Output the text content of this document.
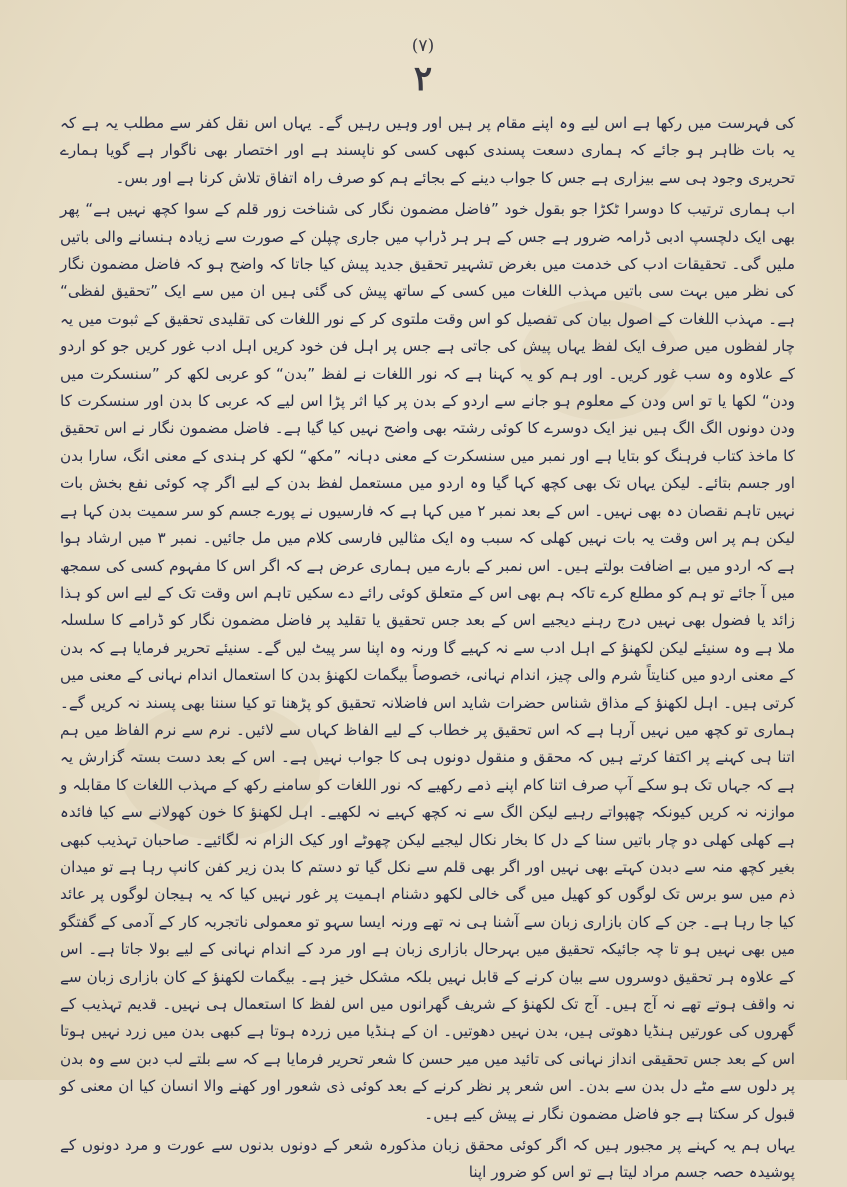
(٧)
٢

کی فہرست میں رکھا ہے اس لیے وہ اپنے مقام پر ہیں اور وہیں رہیں گے۔ یہاں اس نقل کفر سے مطلب یہ ہے کہ یہ بات ظاہر ہو جائے کہ ہماری دسعت پسندی کبھی کسی کو ناپسند ہے اور اختصار بھی ناگوار ہے گویا ہمارے تحریری وجود ہی سے بیزاری ہے جس کا جواب دینے کے بجائے ہم کو صرف راہ اتفاق تلاش کرنا ہے اور بس۔

اب ہماری ترتیب کا دوسرا ٹکڑا جو بقول خود ”فاضل مضمون نگار کی شناخت زور قلم کے سوا کچھ نہیں ہے“ پھر بھی ایک دلچسپ ادبی ڈرامہ ضرور ہے جس کے ہر ہر ڈراپ میں جاری چپلن کے صورت سے زیادہ ہنسانے والی باتیں ملیں گی۔ تحقیقات ادب کی خدمت میں بغرض تشہیر تحقیق جدید پیش کیا جاتا کہ واضح ہو کہ فاضل مضمون نگار کی نظر میں بہت سی باتیں مہذب اللغات میں کسی کے ساتھ پیش کی گئی ہیں ان میں سے ایک ”تحقیق لفظی“ ہے۔ مہذب اللغات کے اصول بیان کی تفصیل کو اس وقت ملتوی کر کے نور اللغات کی تقلیدی تحقیق کے ثبوت میں یہ چار لفظوں میں صرف ایک لفظ یہاں پیش کی جاتی ہے جس پر اہل فن خود کریں اہل ادب غور کریں جو کو اردو کے علاوہ وہ سب غور کریں۔ اور ہم کو یہ کہنا ہے کہ نور اللغات نے لفظ ”بدن“ کو عربی لکھ کر ”سنسکرت میں ودن“ لکھا یا تو اس ودن کے معلوم ہو جانے سے اردو کے بدن پر کیا اثر پڑا اس لیے کہ عربی کا بدن اور سنسکرت کا ودن دونوں الگ الگ ہیں نیز ایک دوسرے کا کوئی رشتہ بھی واضح نہیں کیا گیا ہے۔ فاضل مضمون نگار نے اس تحقیق کا ماخذ کتاب فرہنگ کو بتایا ہے اور نمبر میں سنسکرت کے معنی دہانہ ”مکھ“ لکھ کر ہندی کے معنی انگ، سارا بدن اور جسم بتائے۔ لیکن یہاں تک بھی کچھ کہا گیا وہ اردو میں مستعمل لفظ بدن کے لیے اگر چہ کوئی نفع بخش بات نہیں تاہم نقصان دہ بھی نہیں۔ اس کے بعد نمبر ۲ میں کہا ہے کہ فارسیوں نے پورے جسم کو سر سمیت بدن کہا ہے لیکن ہم پر اس وقت یہ بات نہیں کھلی کہ سبب وہ ایک مثالیں فارسی کلام میں مل جائیں۔ نمبر ۳ میں ارشاد ہوا ہے کہ اردو میں بے اضافت بولتے ہیں۔ اس نمبر کے بارے میں ہماری عرض ہے کہ اگر اس کا مفہوم کسی کی سمجھ میں آ جائے تو ہم کو مطلع کرے تاکہ ہم بھی اس کے متعلق کوئی رائے دے سکیں تاہم اس وقت تک کے لیے اس کو ہذا زائد یا فضول بھی نہیں درج رہنے دیجیے اس کے بعد جس تحقیق یا تقلید پر فاضل مضمون نگار کو ڈرامے کا سلسلہ ملا ہے وہ سنیئے لیکن لکھنؤ کے اہل ادب سے نہ کہیے گا ورنہ وہ اپنا سر پیٹ لیں گے۔ سنیئے تحریر فرمایا ہے کہ بدن کے معنی اردو میں کنایتاً شرم والی چیز، اندام نہانی، خصوصاً بیگمات لکھنؤ بدن کا استعمال اندام نہانی کے معنی میں کرتی ہیں۔ اہل لکھنؤ کے مذاق شناس حضرات شاید اس فاضلانہ تحقیق کو پڑھنا تو کیا سننا بھی پسند نہ کریں گے۔ ہماری تو کچھ میں نہیں آرہا ہے کہ اس تحقیق پر خطاب کے لیے الفاظ کہاں سے لائیں۔ نرم سے نرم الفاظ میں ہم اتنا ہی کہنے پر اکتفا کرتے ہیں کہ محقق و منقول دونوں ہی کا جواب نہیں ہے۔ اس کے بعد دست بستہ گزارش یہ ہے کہ جہاں تک ہو سکے آپ صرف اتنا کام اپنے ذمے رکھیے کہ نور اللغات کو سامنے رکھ کے مہذب اللغات کا مقابلہ و موازنہ نہ کریں کیونکہ چھپواتے رہیے لیکن الگ سے نہ کچھ کہیے نہ لکھیے۔ اہل لکھنؤ کا خون کھولانے سے کیا فائدہ ہے کھلی کھلی دو چار باتیں سنا کے دل کا بخار نکال لیجیے لیکن چھوٹے اور کیک الزام نہ لگائیے۔ صاحبان تہذیب کبھی بغیر کچھ منہ سے دبدن کہتے بھی نہیں اور اگر بھی قلم سے نکل گیا تو دستم کا بدن زیر کفن کانپ رہا ہے تو میدان ذم میں سو برس تک لوگوں کو کھیل میں گی خالی لکھو دشنام اہمیت پر غور نہیں کیا کہ یہ ہیجان لوگوں پر عائد کیا جا رہا ہے۔ جن کے کان بازاری زبان سے آشنا ہی نہ تھے ورنہ ایسا سہو تو معمولی ناتجربہ کار کے آدمی کے گفتگو میں بھی نہیں ہو تا چہ جائیکہ تحقیق میں بہرحال بازاری زبان ہے اور مرد کے اندام نہانی کے لیے بولا جاتا ہے۔ اس کے علاوہ ہر تحقیق دوسروں سے بیان کرنے کے قابل نہیں بلکہ مشکل خیز ہے۔ بیگمات لکھنؤ کے کان بازاری زبان سے نہ واقف ہوتے تھے نہ آج ہیں۔ آج تک لکھنؤ کے شریف گھرانوں میں اس لفظ کا استعمال ہی نہیں۔ قدیم تہذیب کے گھروں کی عورتیں ہنڈیا دھوتی ہیں، بدن نہیں دھوتیں۔ ان کے ہنڈیا میں زردہ ہوتا ہے کبھی بدن میں زرد نہیں ہوتا اس کے بعد جس تحقیقی انداز نہانی کی تائید میں میر حسن کا شعر تحریر فرمایا ہے کہ سے بلتے لب دبن سے وہ بدن پر دلوں سے مٹے دل بدن سے بدن۔ اس شعر پر نظر کرنے کے بعد کوئی ذی شعور اور کھنے والا انسان کیا ان معنی کو قبول کر سکتا ہے جو فاضل مضمون نگار نے پیش کیے ہیں۔

یہاں ہم یہ کہنے پر مجبور ہیں کہ اگر کوئی محقق زبان مذکورہ شعر کے دونوں بدنوں سے عورت و مرد دونوں کے پوشیدہ حصہ جسم مراد لیتا ہے تو اس کو ضرور اپنا
